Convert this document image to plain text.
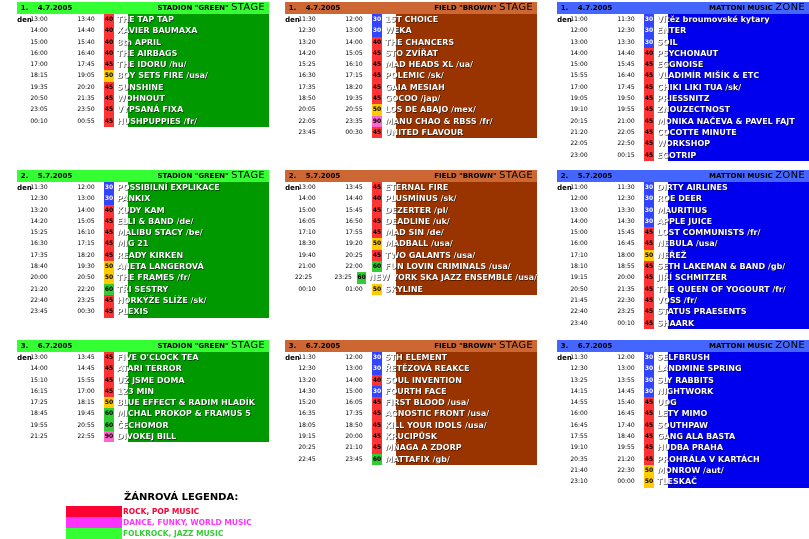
1. den
4.7.2005	STADION "GREEN" STAGE
13:00	13:40	40 THE TAP TAP
14:00	14:40	40 XAVIER BAUMAXA
15:00	15:40	40 8th APRIL
16:00	16:40	40 THE AIRBAGS
17:00	17:45	45 THE IDORU /hu/
18:15	19:05	50 BOY SETS FIRE /usa/
19:35	20:20	45 SUNSHINE
20:50	21:35	45 WOHNOUT
23:05	23:50	45 VYPSANÁ FIXA
00:10	00:55	45 HUSHPUPPIES /fr/
1. den
4.7.2005	FIELD "BROWN" STAGE
11:30	12:00	30 1ST CHOICE
12:30	13:00	30 WEKA
13:20	14:00	40 THE CHANCERS
14:20	15:05	45 STO ZVÍŘAT
15:25	16:10	45 MAD HEADS XL /ua/
16:30	17:15	45 POLEMIC /sk/
17:35	18:20	45 GAIA MESIAH
18:50	19:35	45 GOCOO /jap/
20:05	20:55	50 LOS DE ABAJO /mex/
22:05	23:35	90 MANU CHAO & RBSS /fr/
23:45	00:30	45 UNITED FLAVOUR
1. den
4.7.2005	MATTONI MUSIC ZONE
11:00	11:30	30 Vítěz broumovské kytary
12:00	12:30	30 ENTER
13:00	13:30	30 SOIL
14:00	14:40	40 PSYCHONAUT
15:00	15:45	45 EGGNOISE
15:55	16:40	45 VLADIMÍR MIŠÍK & ETC
17:00	17:45	45 CHIKI LIKI TUA /sk/
19:05	19:50	45 PRIESSNITZ
19:10	19:55	45 ZNOUZECTNOST
20:15	21:00	45 MONIKA NAČEVA & PAVEL FAJT
21:20	22:05	45 COCOTTE MINUTE
22:05	22:50	45 WORKSHOP
23:00	00:15	45 EGOTRIP
2. den
5.7.2005	STADION "GREEN" STAGE
11:30	12:00	30 POSSIBILNÍ EXPLIKACE
12:30	13:00	30 PANKIX
13:20	14:00	40 KUDY KAM
14:20	15:05	45 ELLI & BAND /de/
15:25	16:10	45 MALIBU STACY /be/
16:30	17:15	45 MIG 21
17:35	18:20	45 READY KIRKEN
18:40	19:30	50 ANETA LANGEROVÁ
20:00	20:50	50 THE FRAMES /fr/
21:20	22:20	60 TŘI SESTRY
22:40	23:25	45 HORKÝŽE SLÍŽE /sk/
23:45	00:30	45 PLEXIS
2. den
5.7.2005	FIELD "BROWN" STAGE
13:00	13:45	45 ETERNAL FIRE
14:00	14:40	40 PLUSMÍNUS /sk/
15:00	15:45	45 DEZERTER /pl/
16:05	16:50	45 DEADLINE /uk/
17:10	17:55	45 MAD SIN /de/
18:30	19:20	50 MADBALL /usa/
19:40	20:25	45 TWO GALANTS /usa/
21:00	22:00	60 FUN LOVIN CRIMINALS /usa/
22:25	23:25 60 NEW YORK SKA JAZZ ENSEMBLE /usa/
00:10	01:00	50 SKYLINE
2. den
5.7.2005	MATTONI MUSIC ZONE
11:00	11:30	30 DIRTY AIRLINES
12:00	12:30	30 ROE DEER
13:00	13:30	30 MAURITIUS
14:00	14:30	30 APPLE JUICE
15:00	15:45	45 LOST COMMUNISTS /fr/
16:00	16:45	45 NEBULA /usa/
17:10	18:00	50 NEŘEŽ
18:10	18:55	45 SETH LAKEMAN & BAND /gb/
19:15	20:00	45 JIŘÍ SCHMITZER
20:50	21:35	45 THE QUEEN OF YOGOURT /fr/
21:45	22:30	45 VOSS /fr/
22:40	23:25	45 STATUS PRAESENTS
23:40	00:10	45 SHAARK
3. den
6.7.2005	STADION "GREEN" STAGE
13:00	13:45	45 FIVE O'CLOCK TEA
14:00	14:45	45 ATARI TERROR
15:10	15:55	45 UŽ JSME DOMA
16:15	17:00	45 123 MIN
17:25	18:15	50 BLUE EFFECT & RADIM HLADÍK
18:45	19:45	60 MICHAL PROKOP & FRAMUS 5
19:55	20:55	60 ČECHOMOR
21:25	22:55	90 DIVOKEJ BILL
3. den
6.7.2005	FIELD "BROWN" STAGE
11:30	12:00	30 5TH ELEMENT
12:30	13:00	30 ŘETĚZOVÁ REAKCE
13:20	14:00	40 SOUL INVENTION
14:30	15:00	30 FOURTH FACE
15:20	16:05	45 FIRST BLOOD /usa/
16:35	17:35	45 AGNOSTIC FRONT /usa/
18:05	18:50	45 KILL YOUR IDOLS /usa/
19:15	20:00	45 KRUCIPŮSK
20:25	21:10	45 MÑAGA A ZDORP
22:45	23:45	60 MATTAFIX /gb/
3. den
6.7.2005	MATTONI MUSIC ZONE
11:30	12:00	30 SELFBRUSH
12:30	13:00	30 LANDMINE SPRING
13:25	13:55	30 SLY RABBITS
14:15	14:45	30 NIGHTWORK
14:55	15:40	45 UDG
16:00	16:45	45 LETY MIMO
16:45	17:40	45 SOUTHPAW
17:55	18:40	45 GANG ALA BASTA
19:10	19:55	45 HUDBA PRAHA
20:35	21:20	45 PROHRÁLA V KARTÁCH
21:40	22:30	50 MONROW /aut/
23:10	00:00	50 TLESKAČ
ŽÁNROVÁ LEGENDA:
ROCK, POP MUSIC
DANCE, FUNKY, WORLD MUSIC
FOLKROCK, JAZZ MUSIC
